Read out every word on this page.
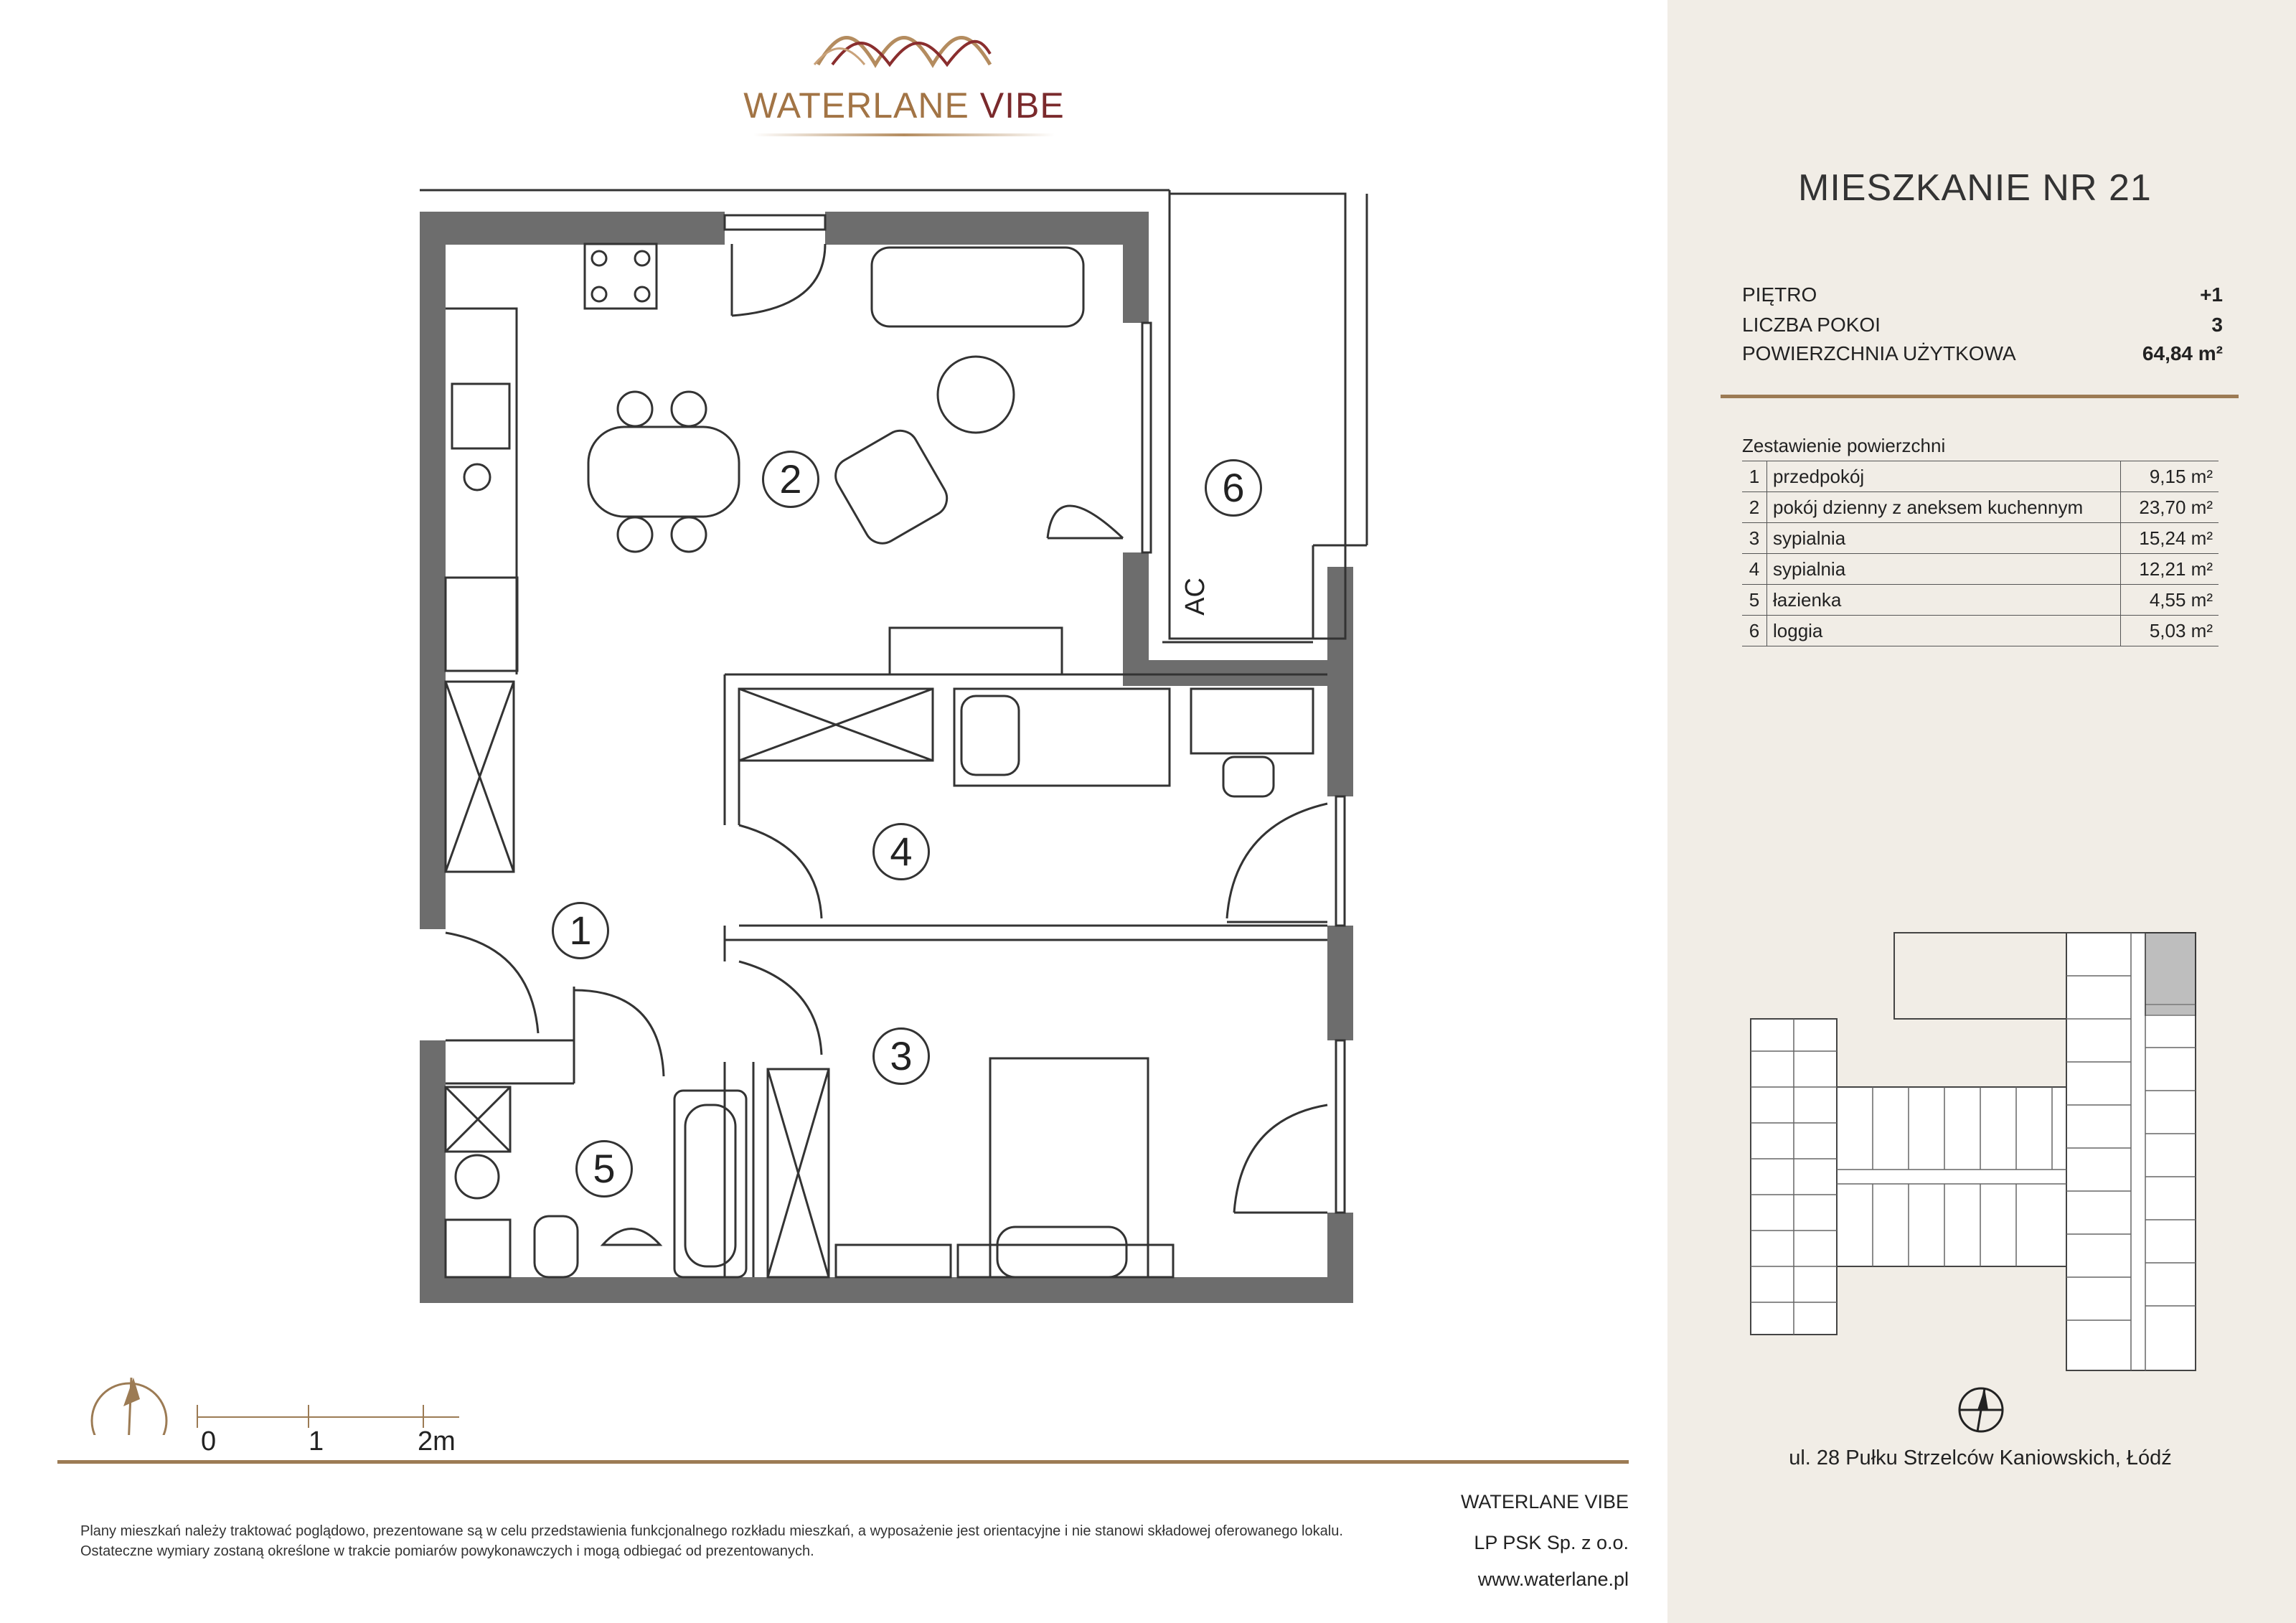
WATERLANE VIBE
2	6
4
1
3
5
AC
0	1	2m
Plany mieszkań należy traktować poglądowo, prezentowane są w celu przedstawienia funkcjonalnego rozkładu mieszkań, a wyposażenie jest orientacyjne i nie stanowi składowej oferowanego lokalu.
Ostateczne wymiary zostaną określone w trakcie pomiarów powykonawczych i mogą odbiegać od prezentowanych.
WATERLANE VIBE
LP PSK Sp. z o.o.
www.waterlane.pl
MIESZKANIE NR 21
PIĘTRO	+1
LICZBA POKOI	3
POWIERZCHNIA UŻYTKOWA	64,84 m²
Zestawienie powierzchni
1	przedpokój	9,15 m²
2	pokój dzienny z aneksem kuchennym	23,70 m²
3	sypialnia	15,24 m²
4	sypialnia	12,21 m²
5	łazienka	4,55 m²
6	loggia	5,03 m²
ul. 28 Pułku Strzelców Kaniowskich, Łódź
